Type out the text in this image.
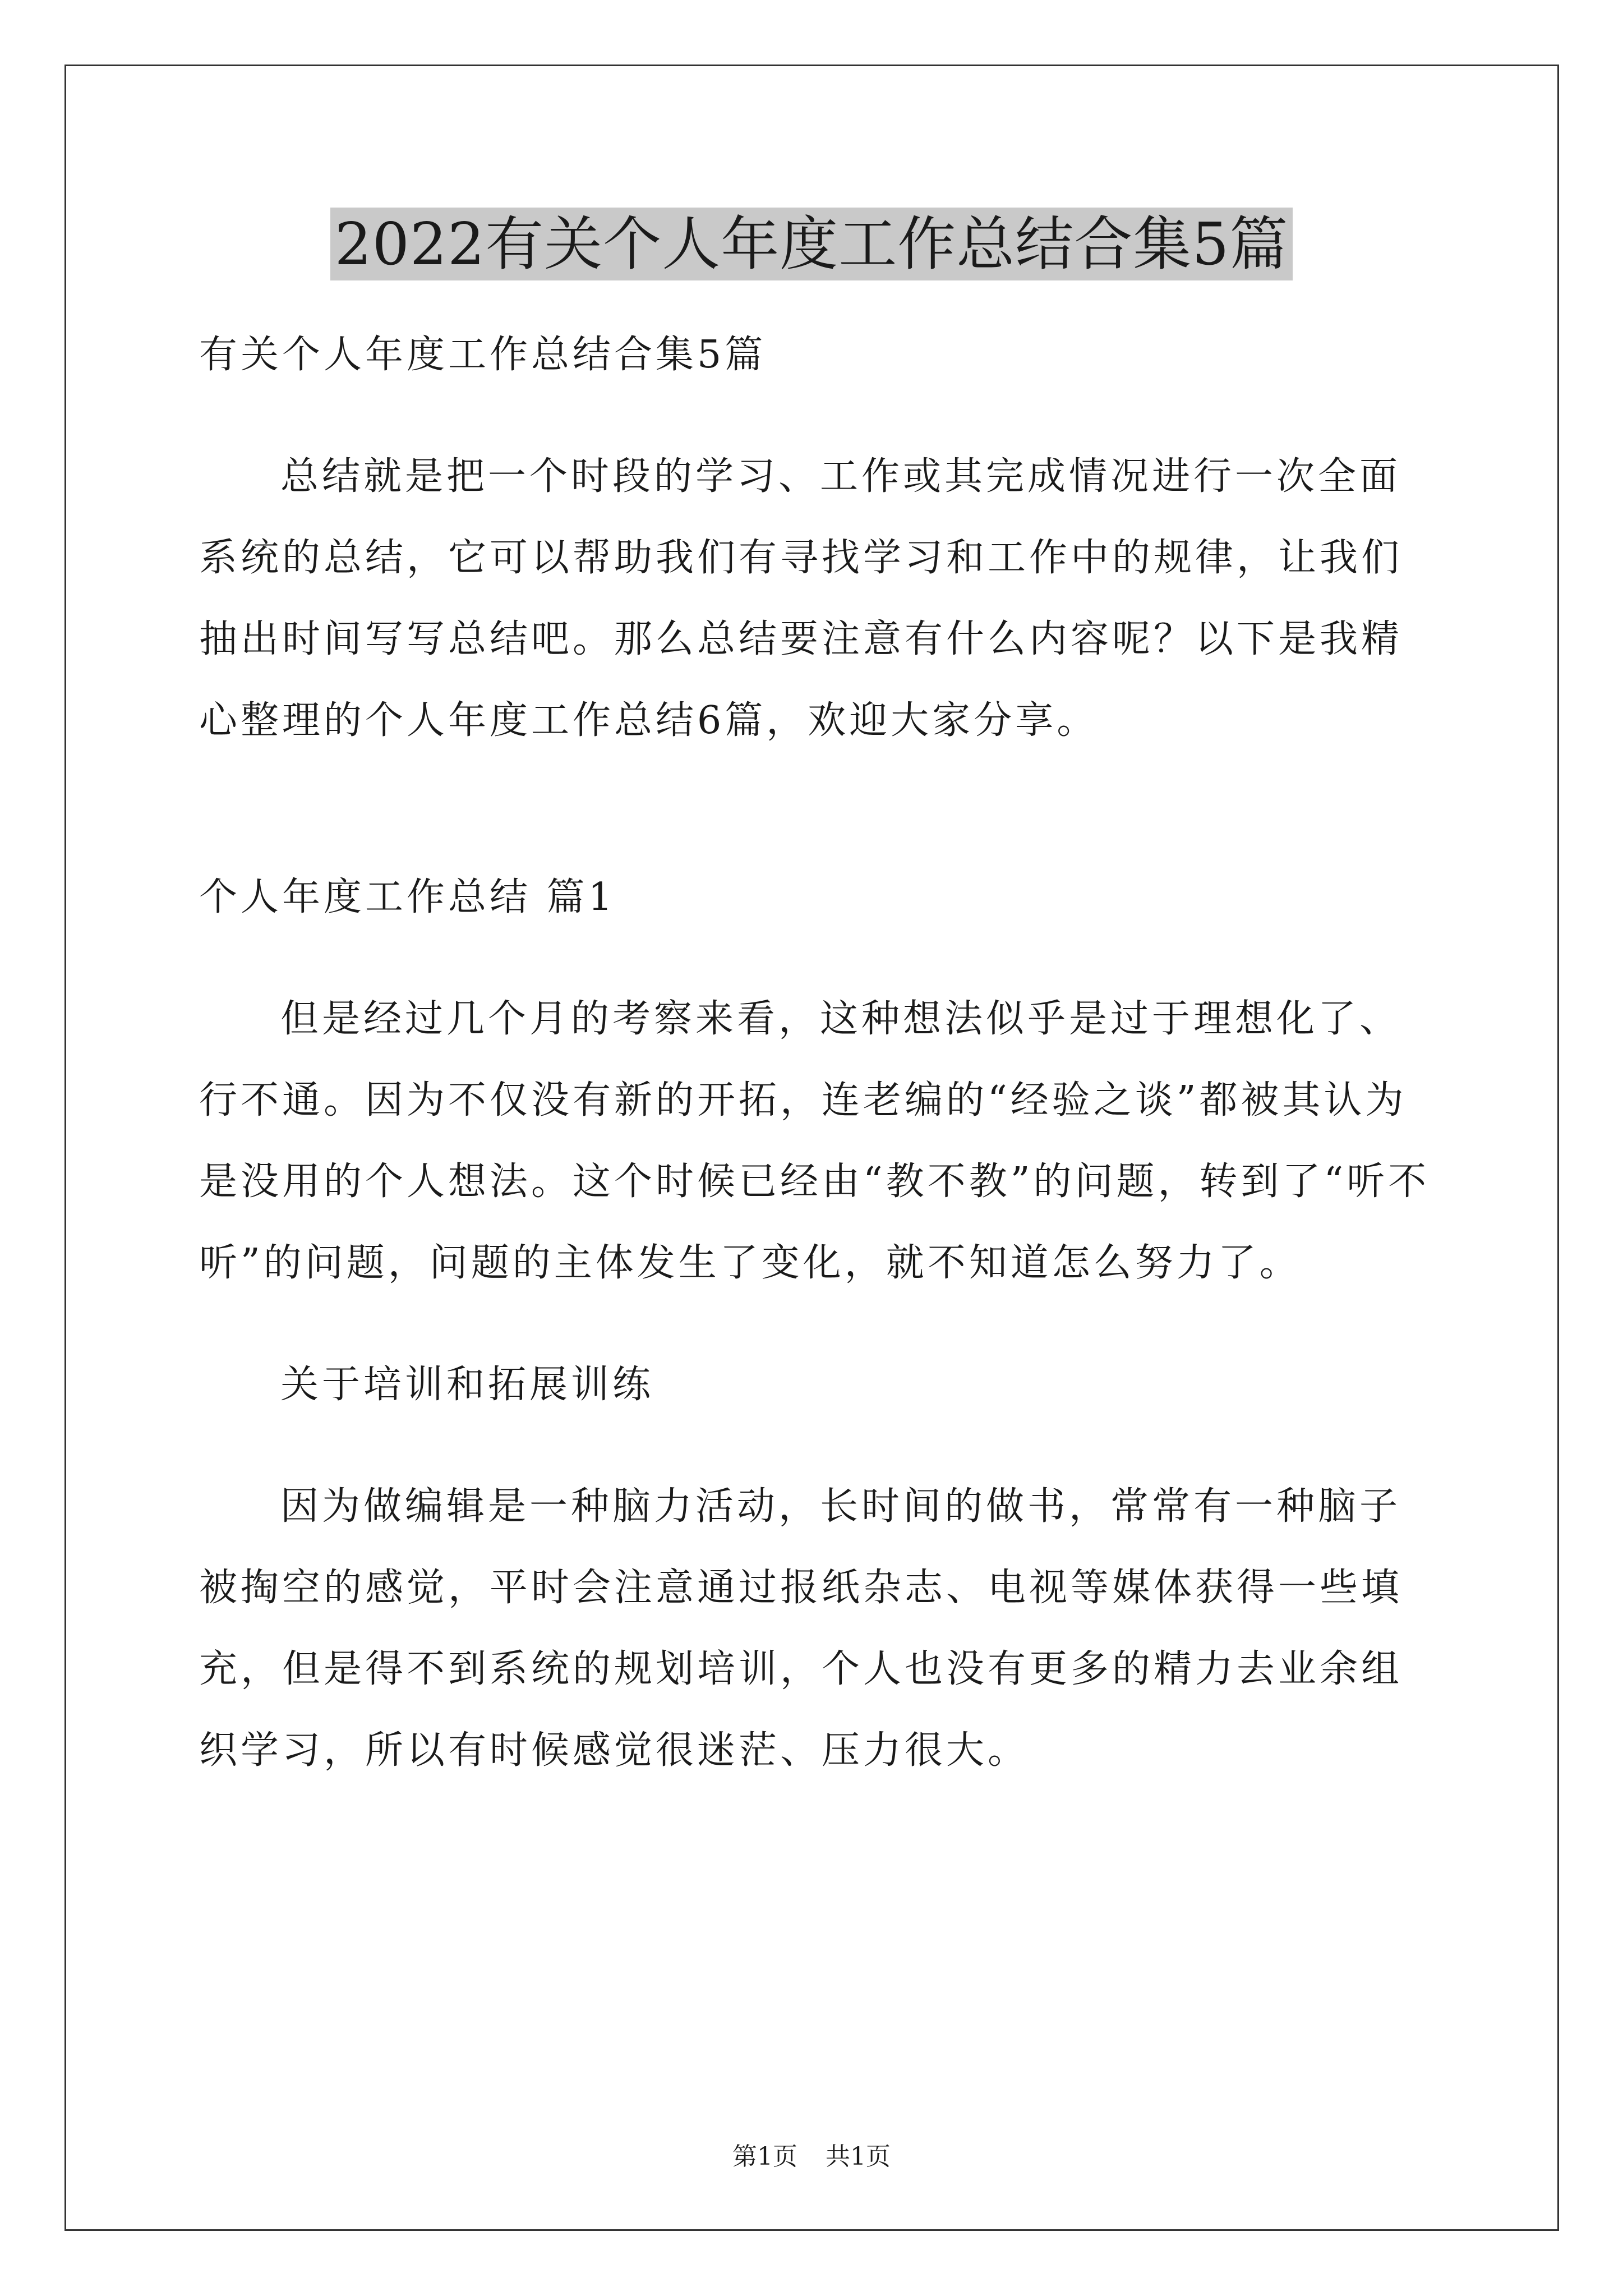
2022有关个人年度工作总结合集5篇

有关个人年度工作总结合集5篇

总结就是把一个时段的学习、工作或其完成情况进行一次全面系统的总结，它可以帮助我们有寻找学习和工作中的规律，让我们抽出时间写写总结吧。那么总结要注意有什么内容呢？以下是我精心整理的个人年度工作总结6篇，欢迎大家分享。

个人年度工作总结 篇1

但是经过几个月的考察来看，这种想法似乎是过于理想化了、行不通。因为不仅没有新的开拓，连老编的“经验之谈”都被其认为是没用的个人想法。这个时候已经由“教不教”的问题，转到了“听不听”的问题，问题的主体发生了变化，就不知道怎么努力了。

关于培训和拓展训练

因为做编辑是一种脑力活动，长时间的做书，常常有一种脑子被掏空的感觉，平时会注意通过报纸杂志、电视等媒体获得一些填充，但是得不到系统的规划培训，个人也没有更多的精力去业余组织学习，所以有时候感觉很迷茫、压力很大。

第1页 共1页
